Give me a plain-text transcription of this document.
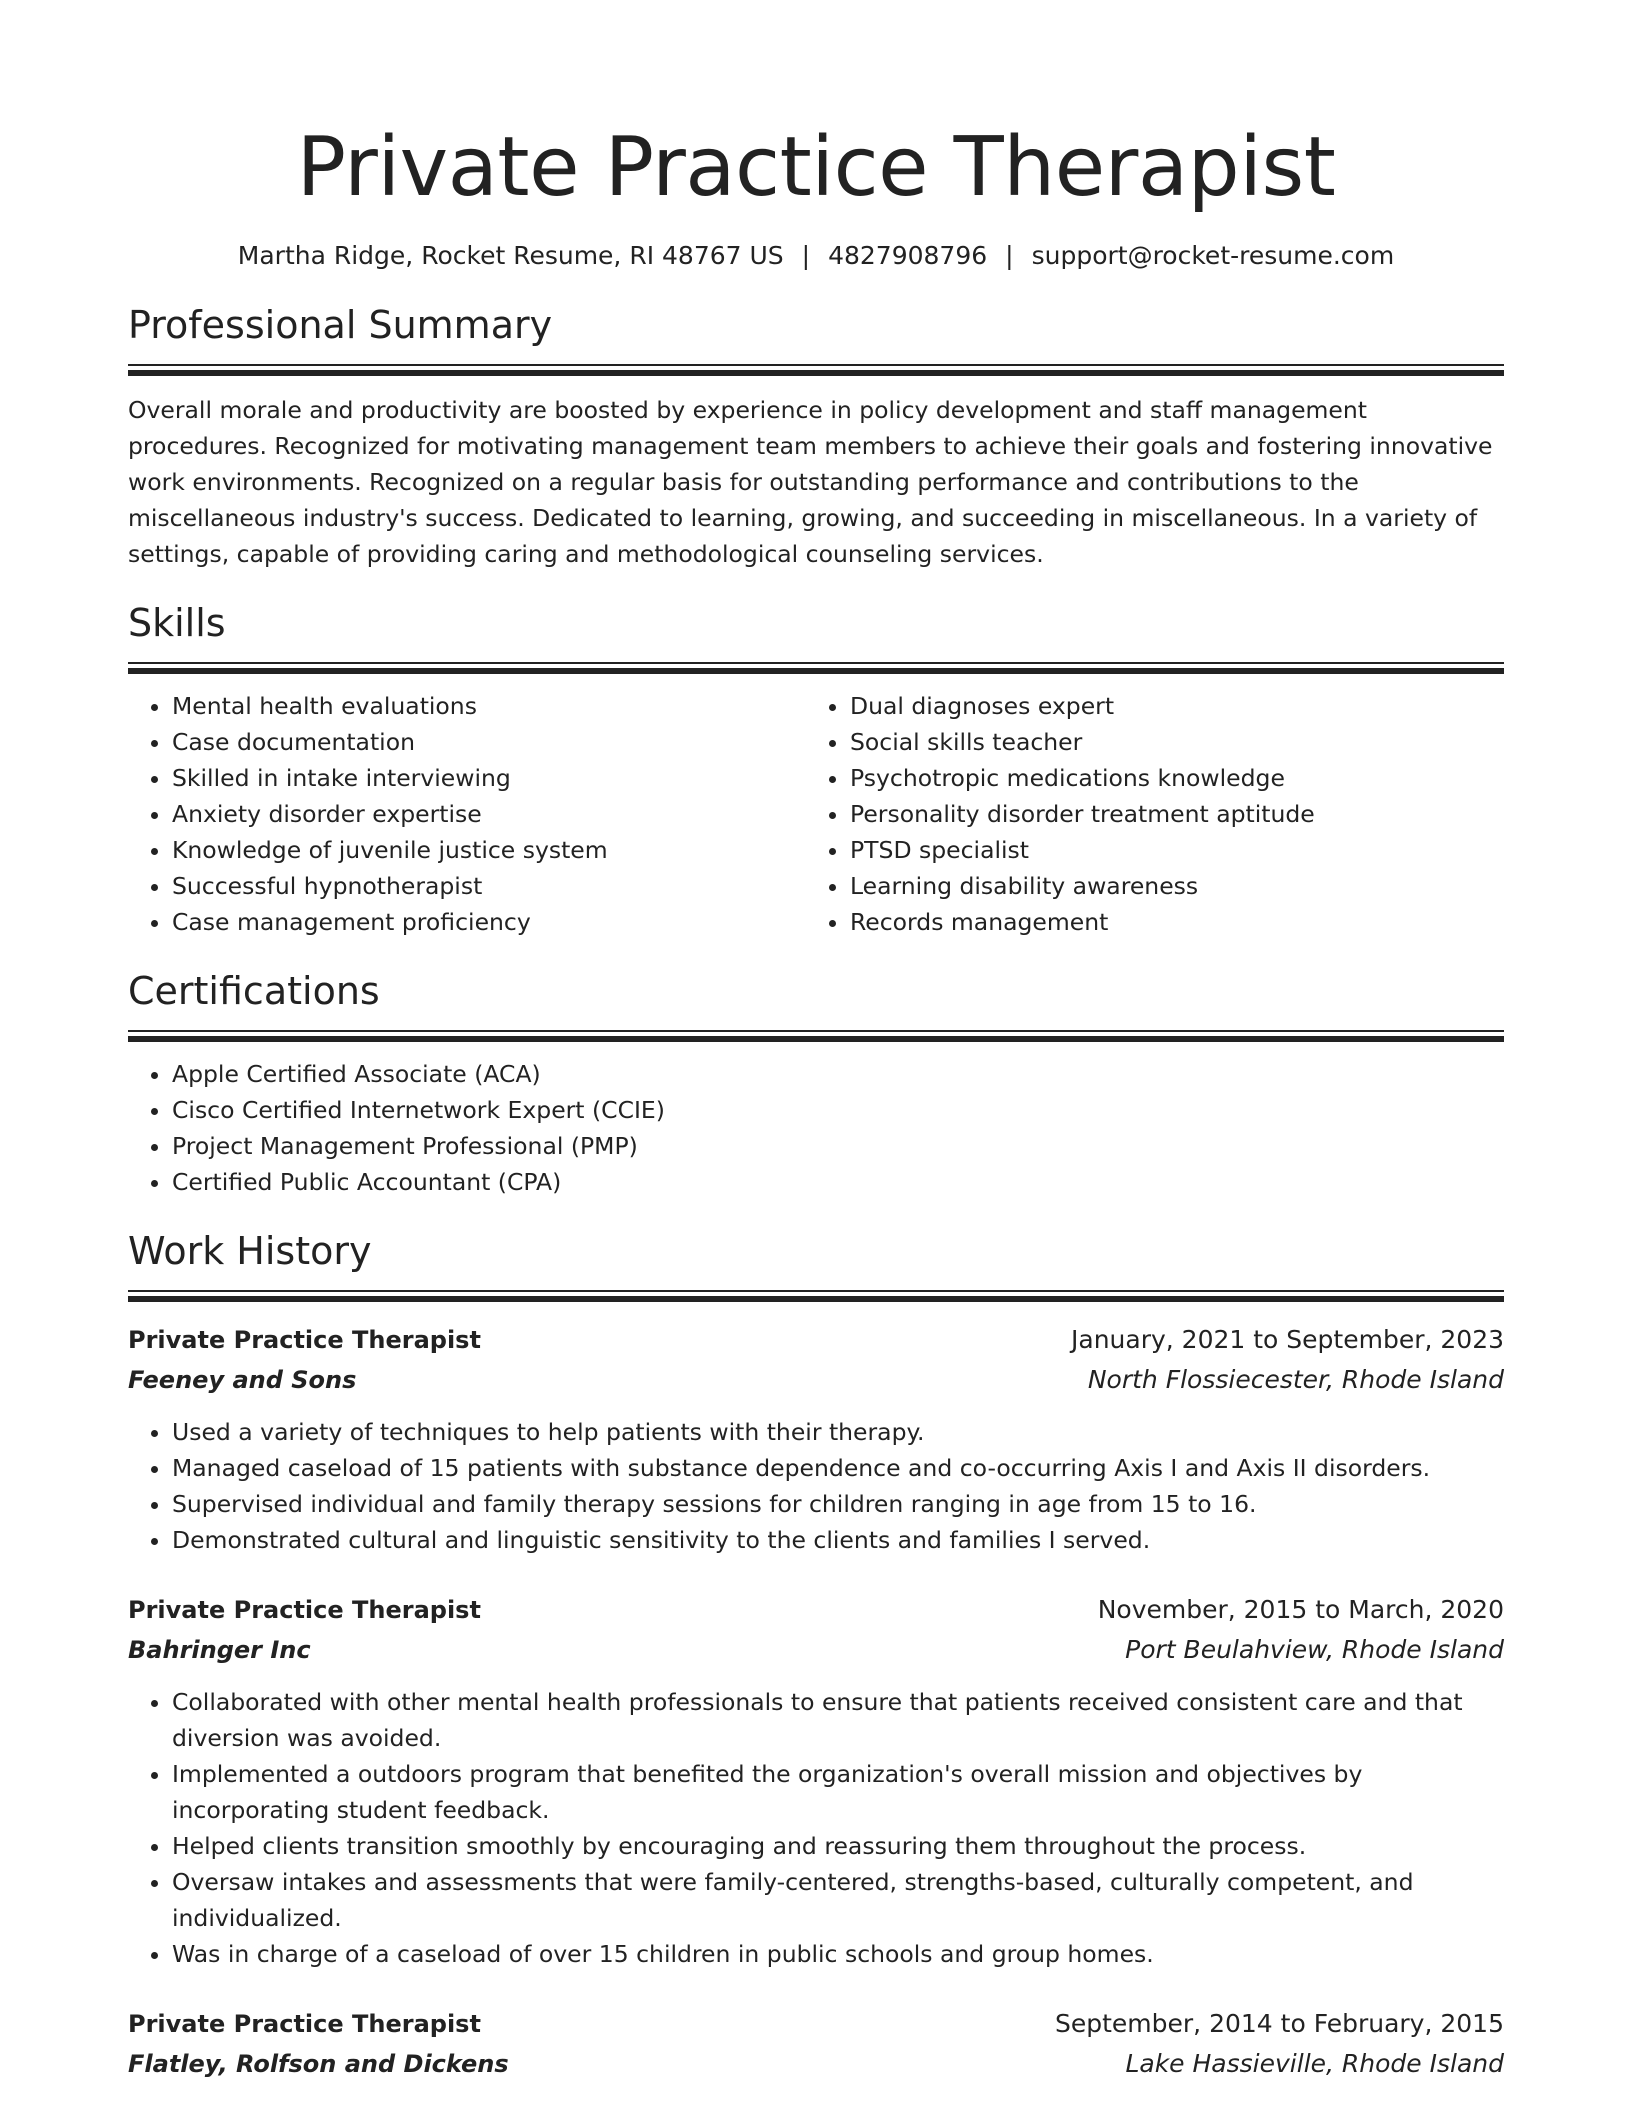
Private Practice Therapist
Martha Ridge, Rocket Resume, RI 48767 US | 4827908796 | support@rocket-resume.com
Professional Summary

Overall morale and productivity are boosted by experience in policy development and staff management procedures. Recognized for motivating management team members to achieve their goals and fostering innovative work environments. Recognized on a regular basis for outstanding performance and contributions to the miscellaneous industry's success. Dedicated to learning, growing, and succeeding in miscellaneous. In a variety of settings, capable of providing caring and methodological counseling services.

Skills
• Mental health evaluations
• Case documentation
• Skilled in intake interviewing
• Anxiety disorder expertise
• Knowledge of juvenile justice system
• Successful hypnotherapist
• Case management proficiency
• Dual diagnoses expert
• Social skills teacher
• Psychotropic medications knowledge
• Personality disorder treatment aptitude
• PTSD specialist
• Learning disability awareness
• Records management
Certifications
• Apple Certified Associate (ACA)
• Cisco Certified Internetwork Expert (CCIE)
• Project Management Professional (PMP)
• Certified Public Accountant (CPA)
Work History
Private Practice Therapist	January, 2021 to September, 2023
Feeney and Sons	North Flossiecester, Rhode Island
• Used a variety of techniques to help patients with their therapy.
• Managed caseload of 15 patients with substance dependence and co-occurring Axis I and Axis II disorders.
• Supervised individual and family therapy sessions for children ranging in age from 15 to 16.
• Demonstrated cultural and linguistic sensitivity to the clients and families I served.
Private Practice Therapist	November, 2015 to March, 2020
Bahringer Inc	Port Beulahview, Rhode Island
• Collaborated with other mental health professionals to ensure that patients received consistent care and that diversion was avoided.
• Implemented a outdoors program that benefited the organization's overall mission and objectives by incorporating student feedback.
• Helped clients transition smoothly by encouraging and reassuring them throughout the process.
• Oversaw intakes and assessments that were family-centered, strengths-based, culturally competent, and individualized.
• Was in charge of a caseload of over 15 children in public schools and group homes.
Private Practice Therapist	September, 2014 to February, 2015
Flatley, Rolfson and Dickens	Lake Hassieville, Rhode Island
